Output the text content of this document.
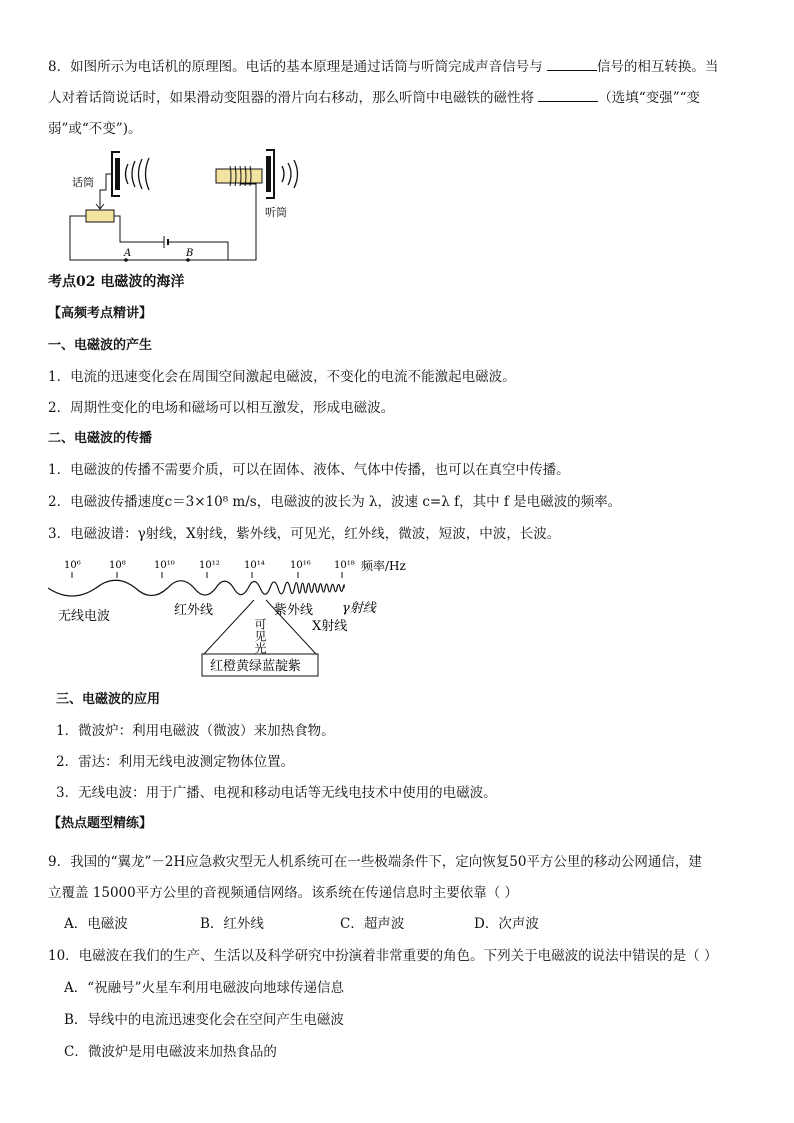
8．如图所示为电话机的原理图。电话的基本原理是通过话筒与听筒完成声音信号与	信号的相互转换。当
人对着话筒说话时，如果滑动变阻器的滑片向右移动，那么听筒中电磁铁的磁性将	（选填“变强”“变
弱”或“不变”)。
话筒
A	B
听筒
考点02 电磁波的海洋
【高频考点精讲】
一、电磁波的产生
1．电流的迅速变化会在周围空间激起电磁波，不变化的电流不能激起电磁波。
2．周期性变化的电场和磁场可以相互激发，形成电磁波。
二、电磁波的传播
1．电磁波的传播不需要介质，可以在固体、液体、气体中传播，也可以在真空中传播。
2．电磁波传播速度c＝3×10⁸ m/s，电磁波的波长为 λ，波速 c=λ f，其中 f 是电磁波的频率。
3．电磁波谱：γ射线，X射线，紫外线，可见光，红外线，微波，短波，中波，长波。
10⁶	10⁸	10¹⁰ 10¹² 10¹⁴	10¹⁶ 10¹⁸ 频率/Hz
无线电波	红外线	紫外线 γ射线
X射线
可见光
红橙黄绿蓝靛紫
三、电磁波的应用
1．微波炉：利用电磁波（微波）来加热食物。
2．雷达：利用无线电波测定物体位置。
3．无线电波：用于广播、电视和移动电话等无线电技术中使用的电磁波。
【热点题型精练】
9．我国的“翼龙”－2H应急救灾型无人机系统可在一些极端条件下，定向恢复50平方公里的移动公网通信，建
立覆盖 15000平方公里的音视频通信网络。该系统在传递信息时主要依靠（ ）
A．电磁波	B．红外线	C．超声波	D．次声波
10．电磁波在我们的生产、生活以及科学研究中扮演着非常重要的角色。下列关于电磁波的说法中错误的是（ ）
A．“祝融号”火星车利用电磁波向地球传递信息
B．导线中的电流迅速变化会在空间产生电磁波
C．微波炉是用电磁波来加热食品的
